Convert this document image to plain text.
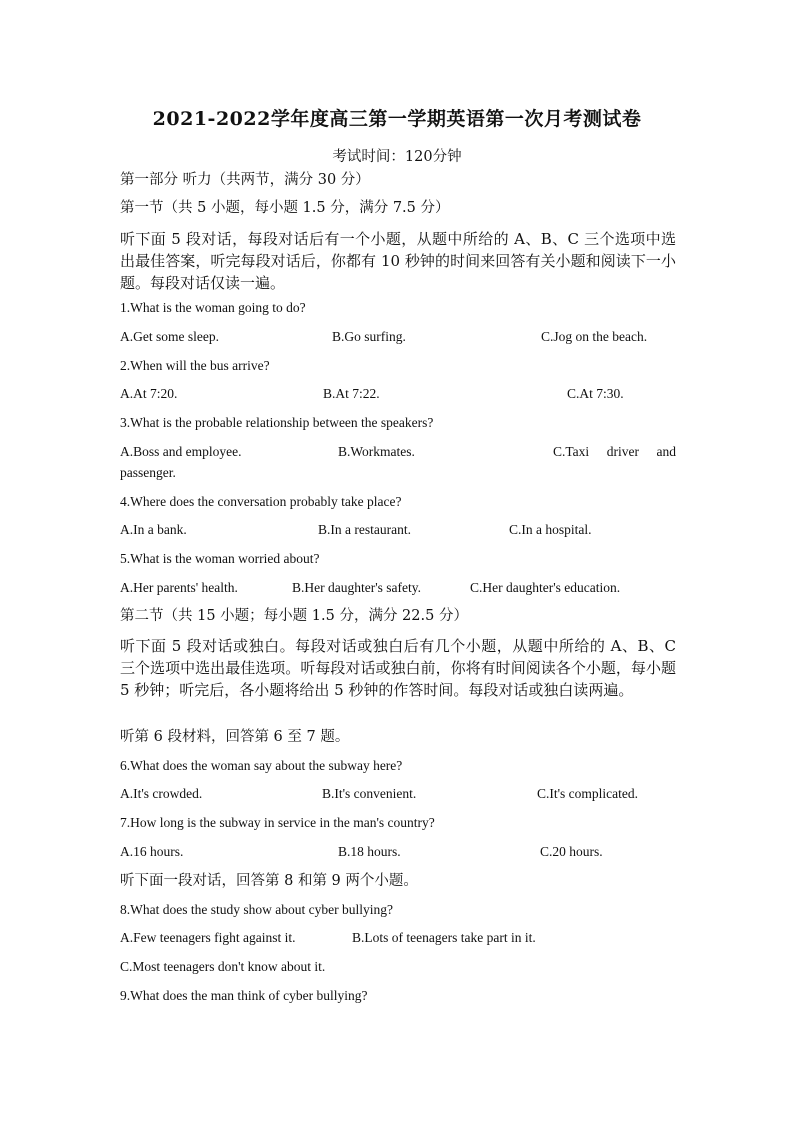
2021-2022学年度高三第一学期英语第一次月考测试卷
考试时间：120分钟
第一部分 听力（共两节，满分 30 分）
第一节（共 5 小题，每小题 1.5 分，满分 7.5 分）
听下面 5 段对话，每段对话后有一个小题，从题中所给的 A、B、C 三个选项中选出最佳答案，听完每段对话后，你都有 10 秒钟的时间来回答有关小题和阅读下一小题。每段对话仅读一遍。
1.What is the woman going to do?
A.Get some sleep.	B.Go surfing.	C.Jog on the beach.
2.When will the bus arrive?
A.At 7:20.	B.At 7:22.	C.At 7:30.
3.What is the probable relationship between the speakers?
A.Boss and employee.	B.Workmates.	C.Taxi driver and
passenger.
4.Where does the conversation probably take place?
A.In a bank.	B.In a restaurant.	C.In a hospital.
5.What is the woman worried about?
A.Her parents' health.	B.Her daughter's safety.	C.Her daughter's education.
第二节（共 15 小题；每小题 1.5 分，满分 22.5 分）
听下面 5 段对话或独白。每段对话或独白后有几个小题，从题中所给的 A、B、C 三个选项中选出最佳选项。听每段对话或独白前，你将有时间阅读各个小题，每小题 5 秒钟；听完后，各小题将给出 5 秒钟的作答时间。每段对话或独白读两遍。
听第 6 段材料，回答第 6 至 7 题。
6.What does the woman say about the subway here?
A.It's crowded.	B.It's convenient.	C.It's complicated.
7.How long is the subway in service in the man's country?
A.16 hours.	B.18 hours.	C.20 hours.
听下面一段对话，回答第 8 和第 9 两个小题。
8.What does the study show about cyber bullying?
A.Few teenagers fight against it.	B.Lots of teenagers take part in it.
C.Most teenagers don't know about it.
9.What does the man think of cyber bullying?
